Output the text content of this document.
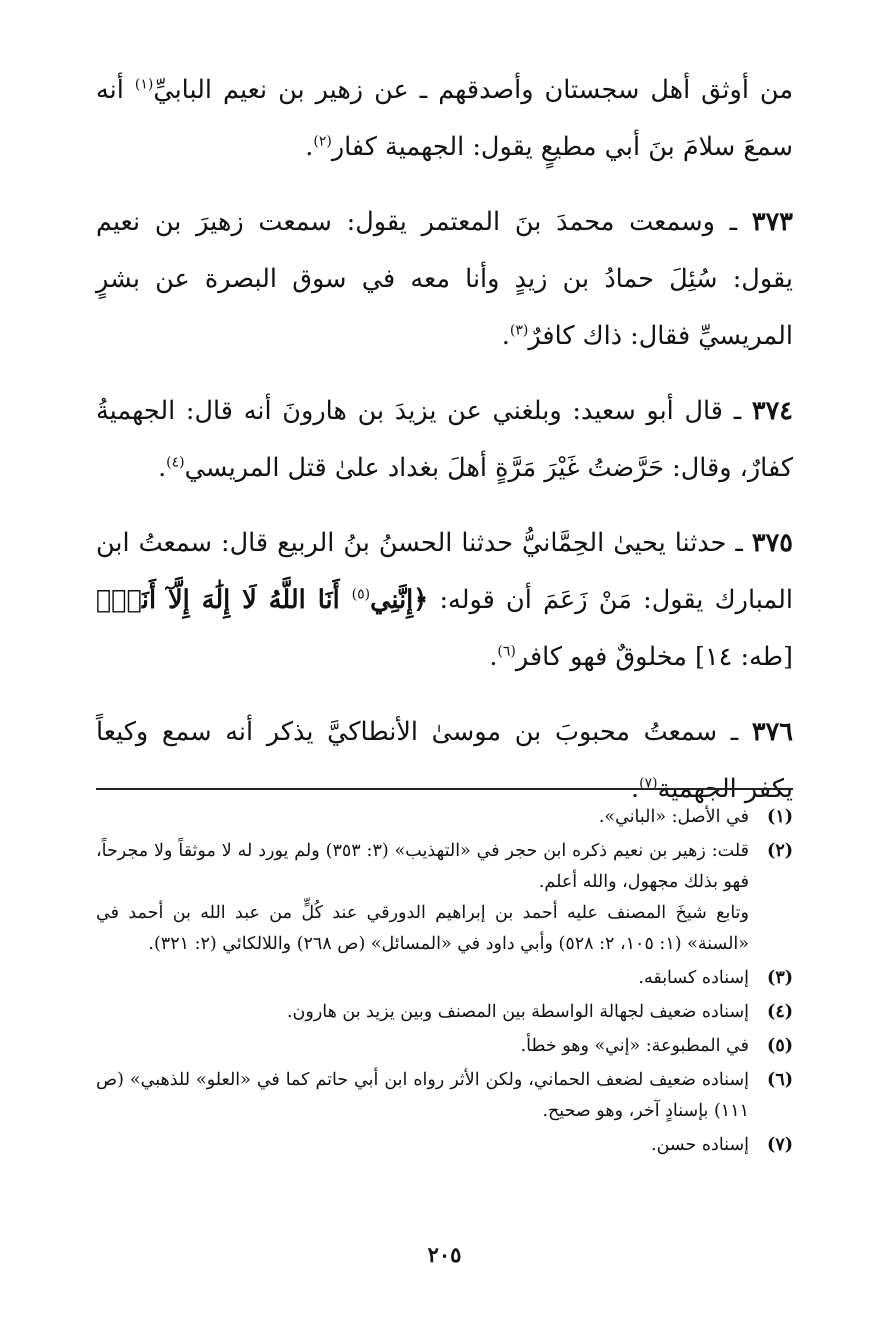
من أوثق أهل سجستان وأصدقهم ـ عن زهير بن نعيم البابيِّ$^{(١)}$ أنه سمعَ سلامَ بنَ أبي مطيعٍ يقول: الجهمية كفار$^{(٢)}$.

٣٧٣ ـ وسمعت محمدَ بنَ المعتمر يقول: سمعت زهيرَ بن نعيم يقول: سُئِلَ حمادُ بن زيدٍ وأنا معه في سوق البصرة عن بشرٍ المريسيِّ فقال: ذاك كافرٌ$^{(٣)}$.

٣٧٤ ـ قال أبو سعيد: وبلغني عن يزيدَ بن هارونَ أنه قال: الجهميةُ كفارٌ، وقال: حَرَّضتُ غَيْرَ مَرَّةٍ أهلَ بغداد علىٰ قتل المريسي$^{(٤)}$.

٣٧٥ ـ حدثنا يحيىٰ الحِمَّانيُّ حدثنا الحسنُ بنُ الربيع قال: سمعتُ ابن المبارك يقول: مَنْ زَعَمَ أن قوله: ﴿إِنَّنِي$^{(٥)}$ أَنَا اللَّهُ لَا إِلَٰهَ إِلَّآ أَنَا۠﴾ [طه: ١٤] مخلوقٌ فهو كافر$^{(٦)}$.

٣٧٦ ـ سمعتُ محبوبَ بن موسىٰ الأنطاكيَّ يذكر أنه سمع وكيعاً يكفر الجهمية$^{(٧)}$.

(١)

في الأصل: «الباني».

(٢)

قلت: زهير بن نعيم ذكره ابن حجر في «التهذيب» (٣: ٣٥٣) ولم يورد له لا موثقاً ولا مجرحاً، فهو بذلك مجهول، والله أعلم.

وتابع شيخَ المصنف عليه أحمد بن إبراهيم الدورقي عند كُلٍّ من عبد الله بن أحمد في «السنة» (١: ١٠٥، ٢: ٥٢٨) وأبي داود في «المسائل» (ص ٢٦٨) واللالكائي (٢: ٣٢١).

(٣)

إسناده كسابقه.

(٤)

إسناده ضعيف لجهالة الواسطة بين المصنف وبين يزيد بن هارون.

(٥)

في المطبوعة: «إني» وهو خطأ.

(٦)

إسناده ضعيف لضعف الحماني، ولكن الأثر رواه ابن أبي حاتم كما في «العلو» للذهبي» (ص ١١١) بإسنادٍ آخر، وهو صحيح.

(٧)

إسناده حسن.

٢٠٥
